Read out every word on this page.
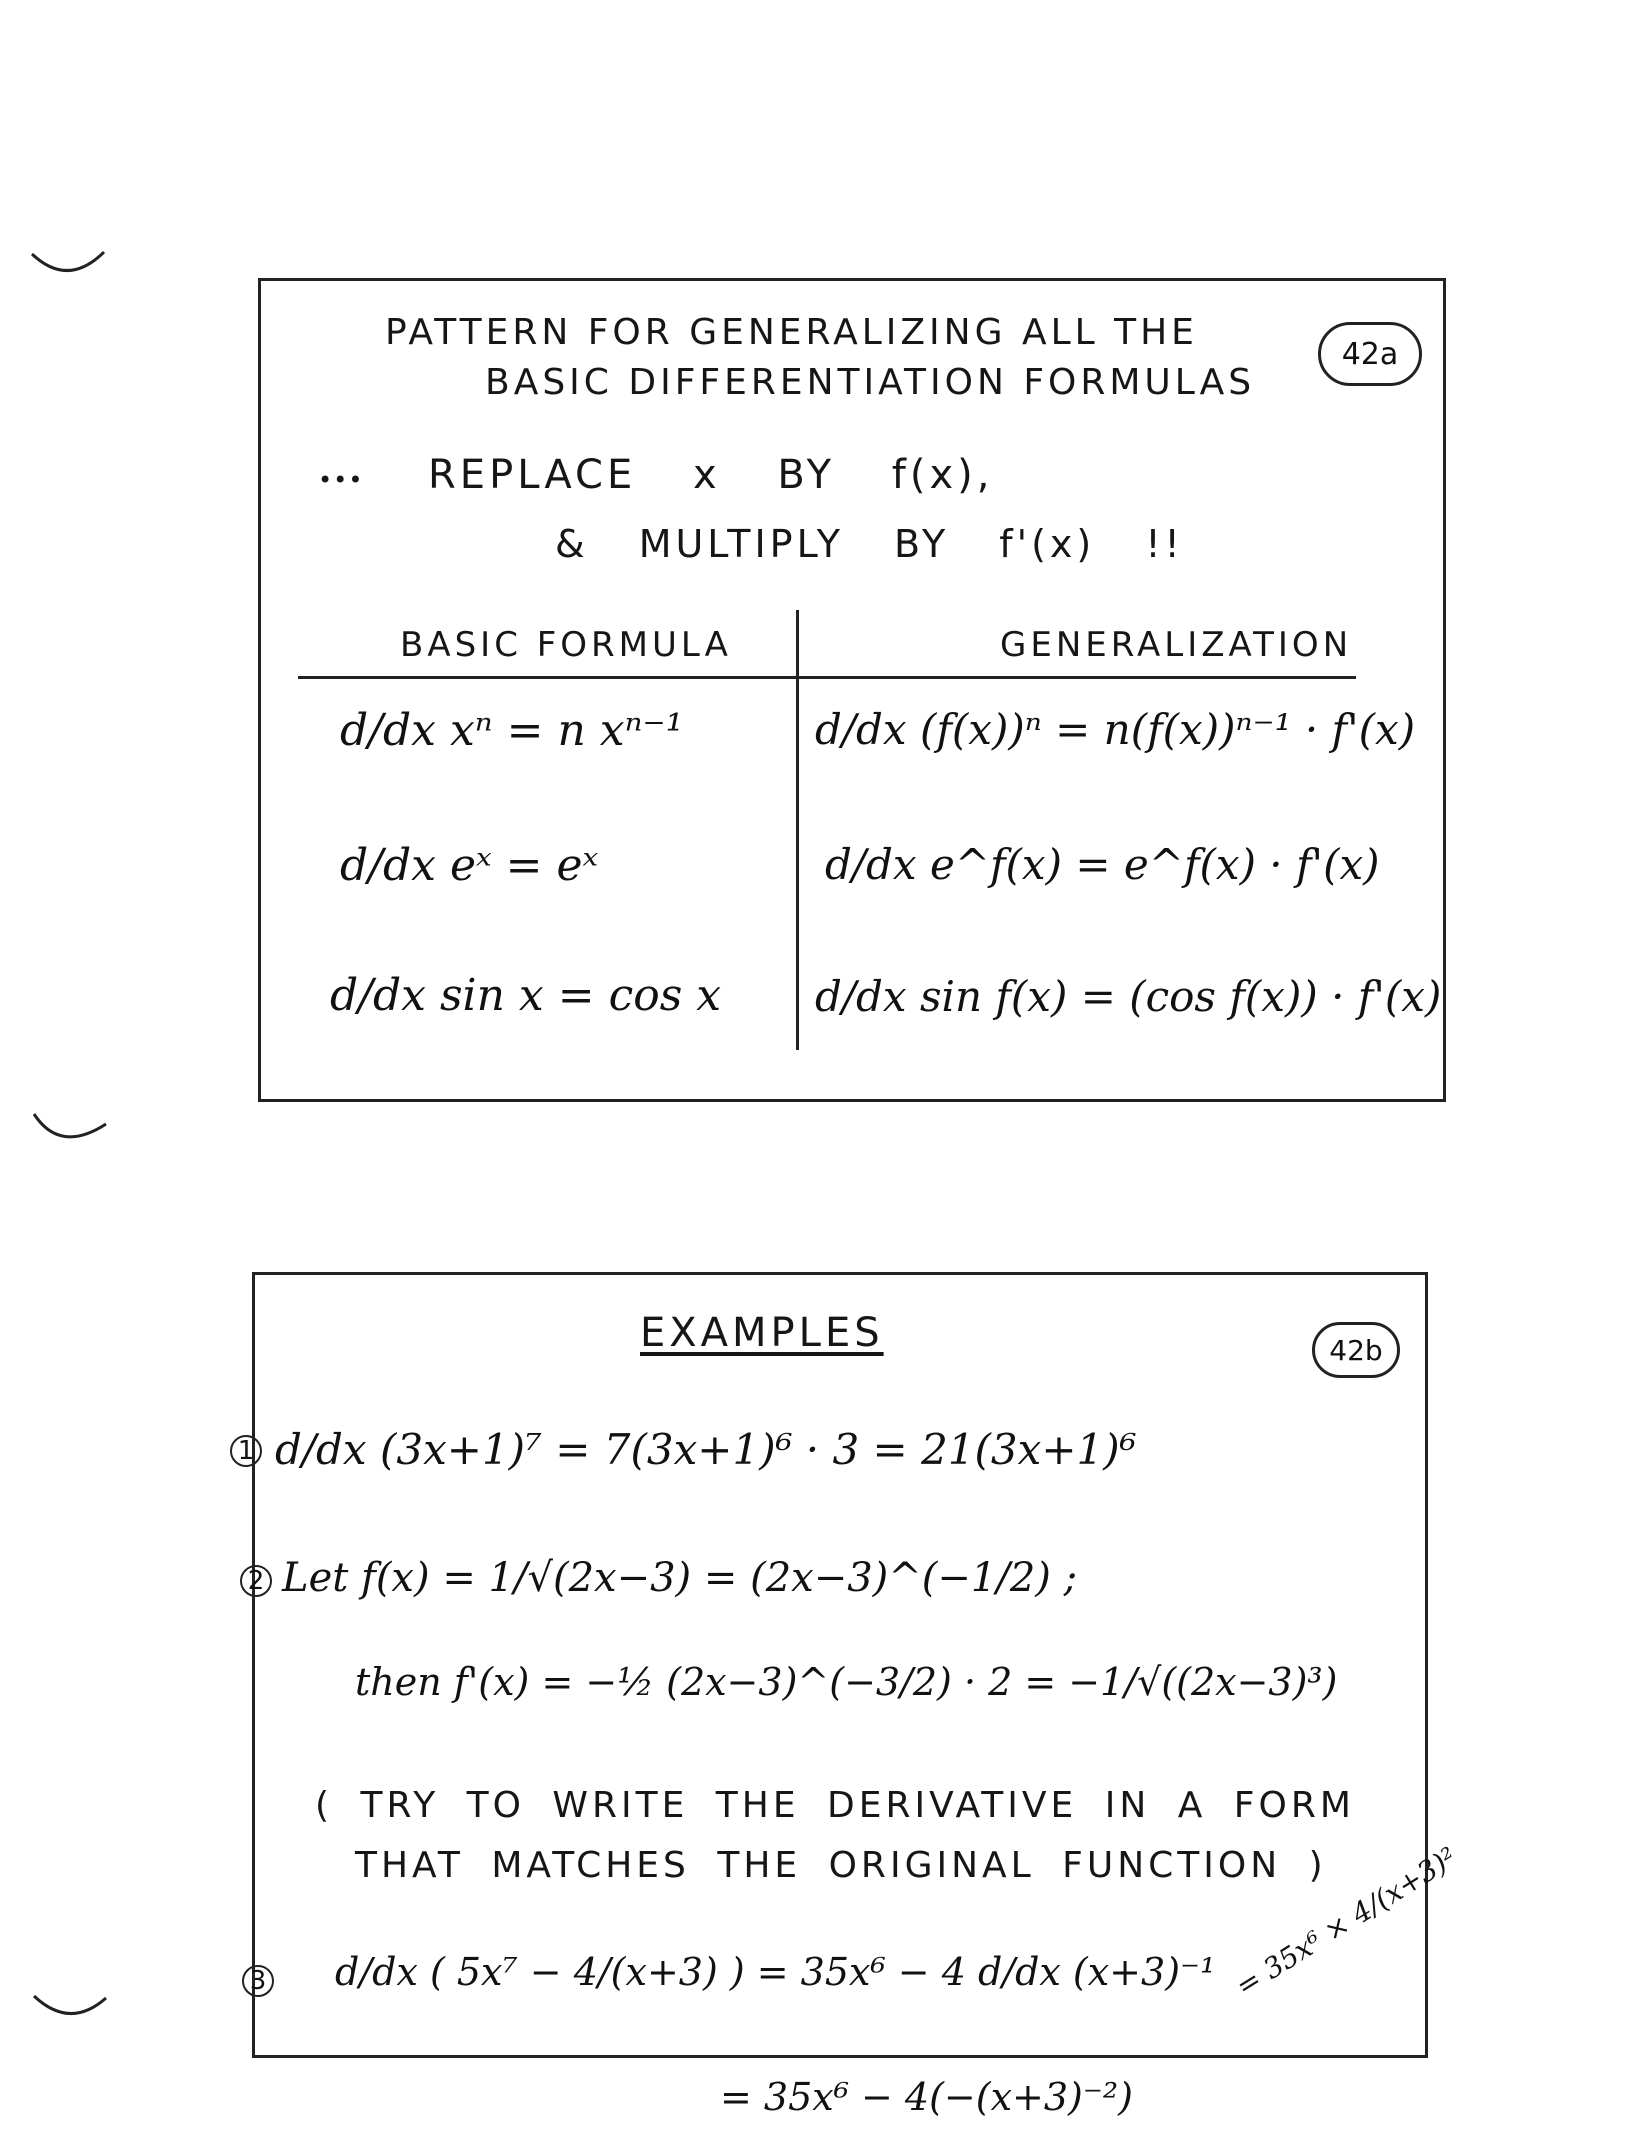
42a
PATTERN FOR GENERALIZING ALL THE
BASIC DIFFERENTIATION FORMULAS
••• REPLACE x BY f(x),
& MULTIPLY BY f'(x) !!
BASIC FORMULA	GENERALIZATION
d/dx xⁿ = n xⁿ⁻¹
d/dx eˣ = eˣ
d/dx sin x = cos x
d/dx (f(x))ⁿ = n(f(x))ⁿ⁻¹ · f'(x)
d/dx e^f(x) = e^f(x) · f'(x)
d/dx sin f(x) = (cos f(x)) · f'(x)
42b
EXAMPLES
1 d/dx (3x+1)⁷ = 7(3x+1)⁶ · 3 = 21(3x+1)⁶
2 Let f(x) = 1/√(2x−3) = (2x−3)^(−1/2) ;
then f'(x) = −½ (2x−3)^(−3/2) · 2 = −1/√((2x−3)³)
( TRY TO WRITE THE DERIVATIVE IN A FORM
THAT MATCHES THE ORIGINAL FUNCTION )
3 d/dx ( 5x⁷ − 4/(x+3) ) = 35x⁶ − 4 d/dx (x+3)⁻¹
= 35x⁶ − 4(−(x+3)⁻²)
= 35x⁶ × 4/(x+3)²
